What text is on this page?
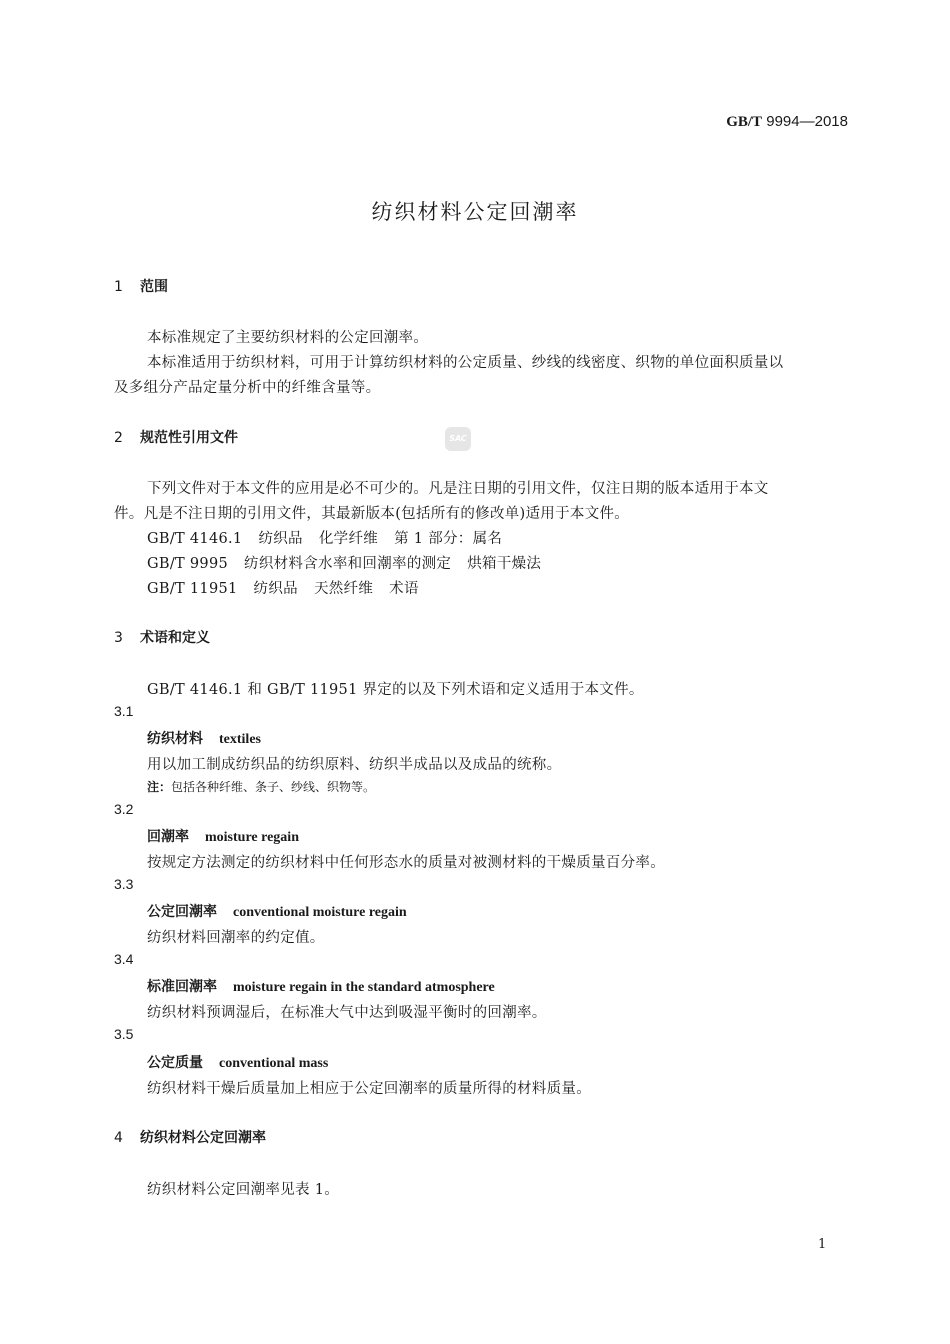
GB/T 9994—2018
纺织材料公定回潮率
1 范围
本标准规定了主要纺织材料的公定回潮率。
本标准适用于纺织材料，可用于计算纺织材料的公定质量、纱线的线密度、织物的单位面积质量以
及多组分产品定量分析中的纤维含量等。
2 规范性引用文件	SAC
下列文件对于本文件的应用是必不可少的。凡是注日期的引用文件，仅注日期的版本适用于本文
件。凡是不注日期的引用文件，其最新版本(包括所有的修改单)适用于本文件。
GB/T 4146.1 纺织品 化学纤维 第 1 部分：属名
GB/T 9995 纺织材料含水率和回潮率的测定 烘箱干燥法
GB/T 11951 纺织品 天然纤维 术语
3 术语和定义
GB/T 4146.1 和 GB/T 11951 界定的以及下列术语和定义适用于本文件。
3.1
纺织材料 textiles
用以加工制成纺织品的纺织原料、纺织半成品以及成品的统称。
注：包括各种纤维、条子、纱线、织物等。
3.2
回潮率 moisture regain
按规定方法测定的纺织材料中任何形态水的质量对被测材料的干燥质量百分率。
3.3
公定回潮率 conventional moisture regain
纺织材料回潮率的约定值。
3.4
标准回潮率 moisture regain in the standard atmosphere
纺织材料预调湿后，在标准大气中达到吸湿平衡时的回潮率。
3.5
公定质量 conventional mass
纺织材料干燥后质量加上相应于公定回潮率的质量所得的材料质量。
4 纺织材料公定回潮率
纺织材料公定回潮率见表 1。
1
